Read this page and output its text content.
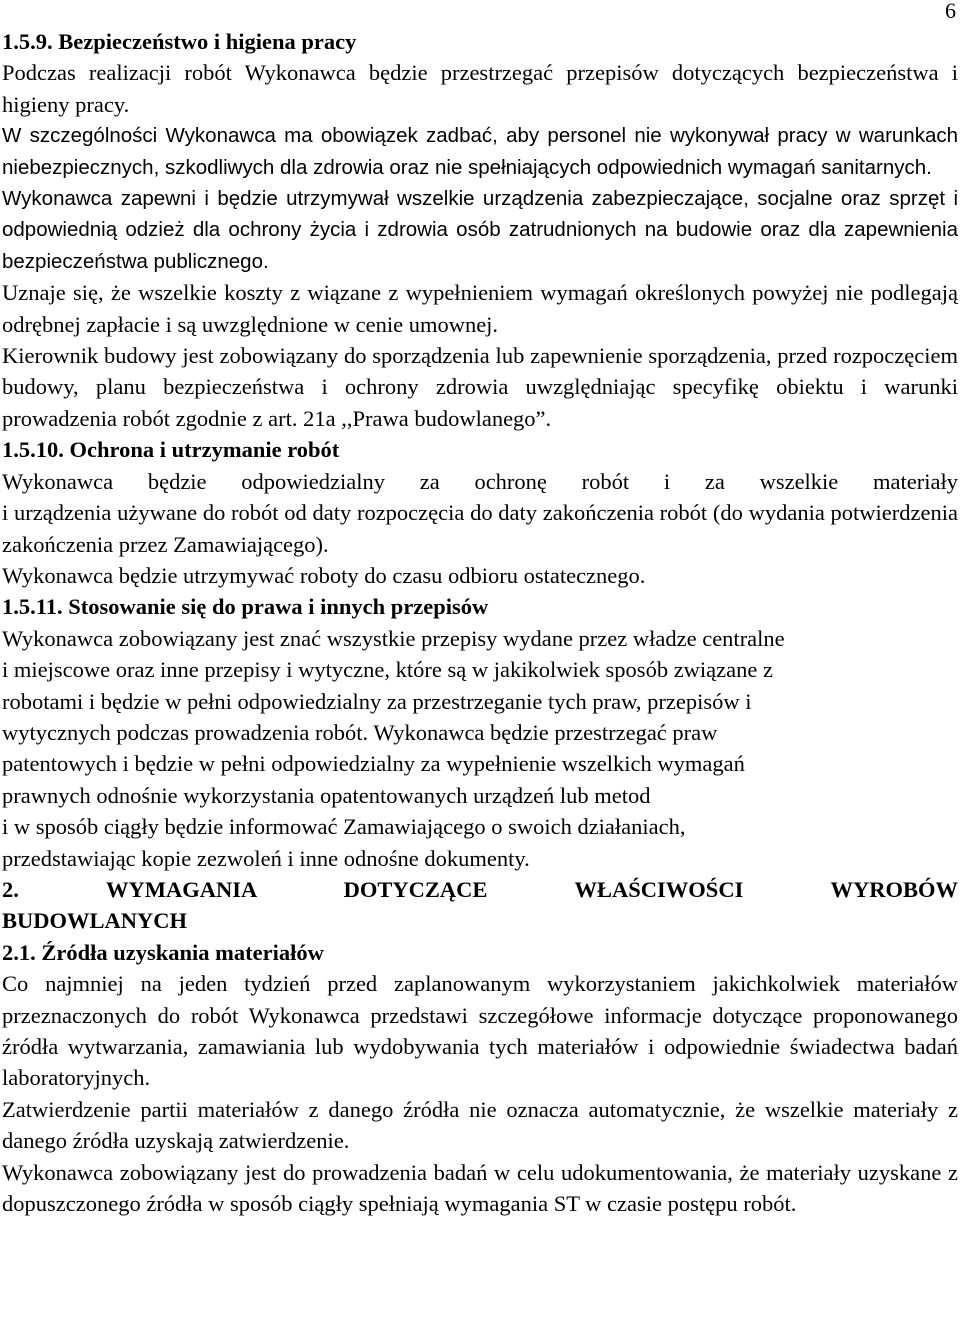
6
1.5.9. Bezpieczeństwo i higiena pracy

Podczas realizacji robót Wykonawca będzie przestrzegać przepisów dotyczących bezpieczeństwa i higieny pracy.

W szczególności Wykonawca ma obowiązek zadbać, aby personel nie wykonywał pracy w warunkach niebezpiecznych, szkodliwych dla zdrowia oraz nie spełniających odpowiednich wymagań sanitarnych.

Wykonawca zapewni i będzie utrzymywał wszelkie urządzenia zabezpieczające, socjalne oraz sprzęt i odpowiednią odzież dla ochrony życia i zdrowia osób zatrudnionych na budowie oraz dla zapewnienia bezpieczeństwa publicznego.

Uznaje się, że wszelkie koszty z wiązane z wypełnieniem wymagań określonych powyżej nie podlegają odrębnej zapłacie i są uwzględnione w cenie umownej.

Kierownik budowy jest zobowiązany do sporządzenia lub zapewnienie sporządzenia, przed rozpoczęciem budowy, planu bezpieczeństwa i ochrony zdrowia uwzględniając specyfikę obiektu i warunki prowadzenia robót zgodnie z art. 21a ,,Prawa budowlanego”.

1.5.10. Ochrona i utrzymanie robót

Wykonawca będzie odpowiedzialny za ochronę robót i za wszelkie materiały
i urządzenia używane do robót od daty rozpoczęcia do daty zakończenia robót (do wydania potwierdzenia zakończenia przez Zamawiającego).

Wykonawca będzie utrzymywać roboty do czasu odbioru ostatecznego.

1.5.11. Stosowanie się do prawa i innych przepisów
Wykonawca zobowiązany jest znać wszystkie przepisy wydane przez władze centralne
i miejscowe oraz inne przepisy i wytyczne, które są w jakikolwiek sposób związane z
robotami i będzie w pełni odpowiedzialny za przestrzeganie tych praw, przepisów i
wytycznych podczas prowadzenia robót. Wykonawca będzie przestrzegać praw
patentowych i będzie w pełni odpowiedzialny za wypełnienie wszelkich wymagań
prawnych odnośnie wykorzystania opatentowanych urządzeń lub metod
i w sposób ciągły będzie informować Zamawiającego o swoich działaniach,
przedstawiając kopie zezwoleń i inne odnośne dokumenty.
2. WYMAGANIA DOTYCZĄCE WŁAŚCIWOŚCI WYROBÓW
BUDOWLANYCH
2.1. Źródła uzyskania materiałów

Co najmniej na jeden tydzień przed zaplanowanym wykorzystaniem jakichkolwiek materiałów przeznaczonych do robót Wykonawca przedstawi szczegółowe informacje dotyczące proponowanego źródła wytwarzania, zamawiania lub wydobywania tych materiałów i odpowiednie świadectwa badań laboratoryjnych.

Zatwierdzenie partii materiałów z danego źródła nie oznacza automatycznie, że wszelkie materiały z danego źródła uzyskają zatwierdzenie.

Wykonawca zobowiązany jest do prowadzenia badań w celu udokumentowania, że materiały uzyskane z dopuszczonego źródła w sposób ciągły spełniają wymagania ST w czasie postępu robót.
